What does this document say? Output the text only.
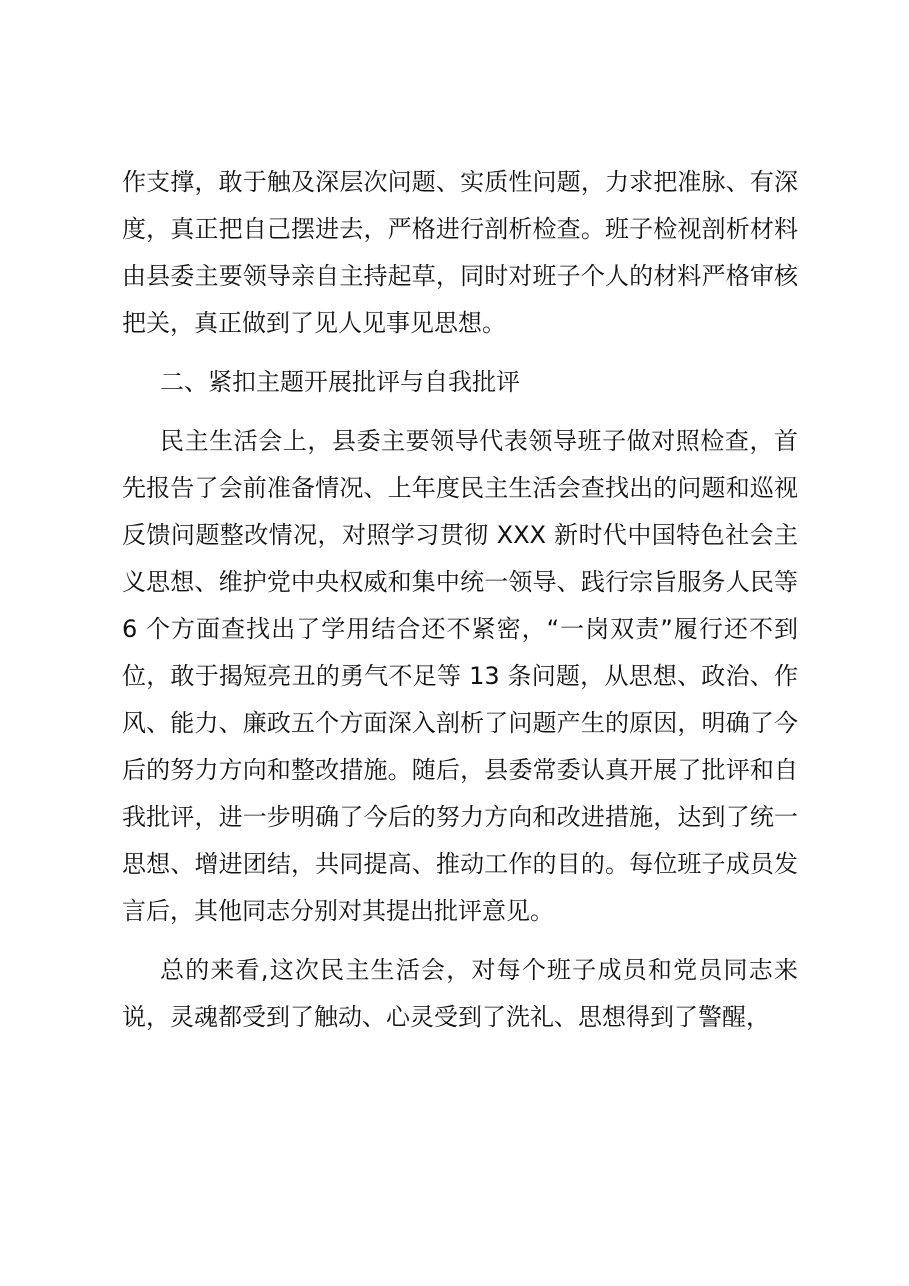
作支撑，敢于触及深层次问题、实质性问题，力求把准脉、有深度，真正把自己摆进去，严格进行剖析检查。班子检视剖析材料由县委主要领导亲自主持起草，同时对班子个人的材料严格审核把关，真正做到了见人见事见思想。

二、紧扣主题开展批评与自我批评

民主生活会上，县委主要领导代表领导班子做对照检查，首先报告了会前准备情况、上年度民主生活会查找出的问题和巡视反馈问题整改情况，对照学习贯彻 XXX 新时代中国特色社会主义思想、维护党中央权威和集中统一领导、践行宗旨服务人民等 6 个方面查找出了学用结合还不紧密，“一岗双责”履行还不到位，敢于揭短亮丑的勇气不足等 13 条问题，从思想、政治、作风、能力、廉政五个方面深入剖析了问题产生的原因，明确了今后的努力方向和整改措施。随后，县委常委认真开展了批评和自我批评，进一步明确了今后的努力方向和改进措施，达到了统一思想、增进团结，共同提高、推动工作的目的。每位班子成员发言后，其他同志分别对其提出批评意见。

总的来看,这次民主生活会，对每个班子成员和党员同志来说，灵魂都受到了触动、心灵受到了洗礼、思想得到了警醒，
